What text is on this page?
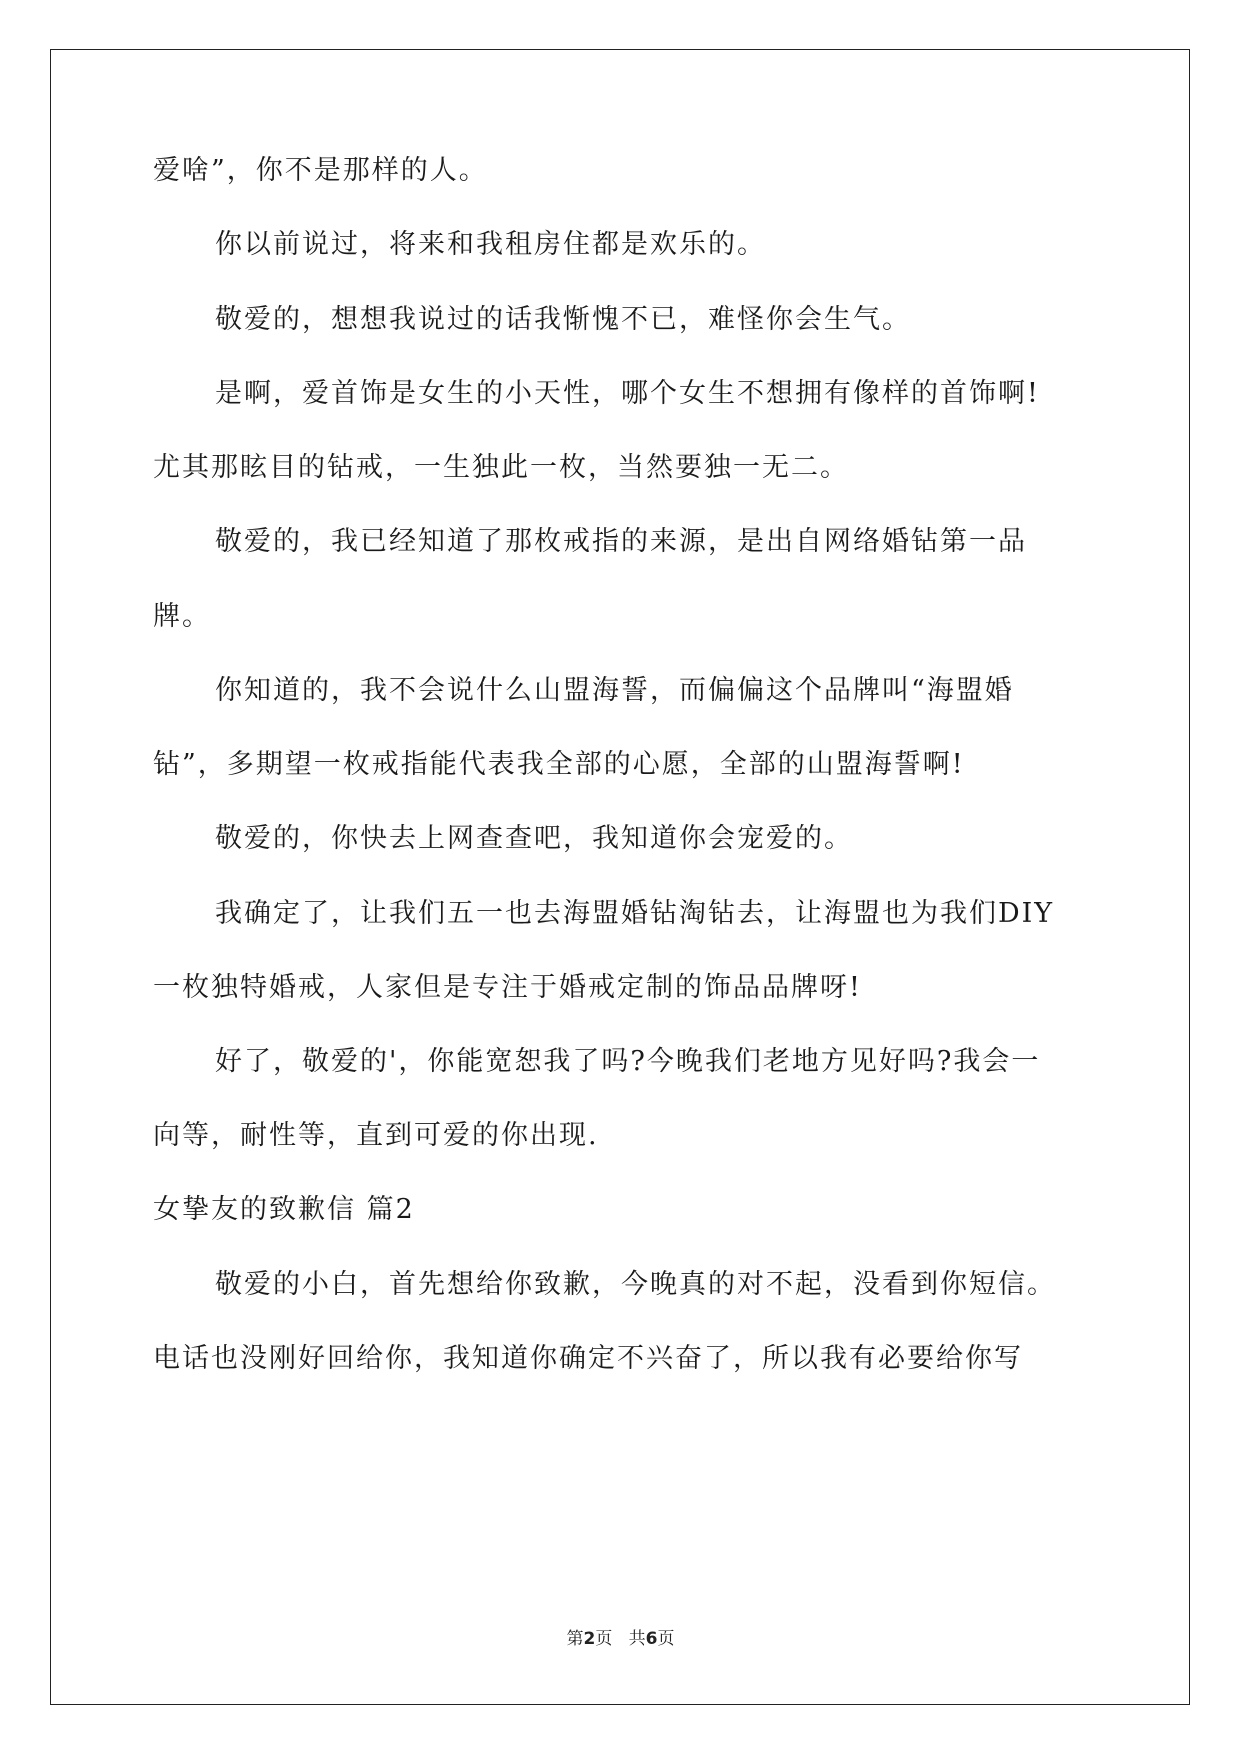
爱啥”，你不是那样的人。
你以前说过，将来和我租房住都是欢乐的。
敬爱的，想想我说过的话我惭愧不已，难怪你会生气。
是啊，爱首饰是女生的小天性，哪个女生不想拥有像样的首饰啊!
尤其那眩目的钻戒，一生独此一枚，当然要独一无二。
敬爱的，我已经知道了那枚戒指的来源，是出自网络婚钻第一品
牌。
你知道的，我不会说什么山盟海誓，而偏偏这个品牌叫“海盟婚
钻”，多期望一枚戒指能代表我全部的心愿，全部的山盟海誓啊!
敬爱的，你快去上网查查吧，我知道你会宠爱的。
我确定了，让我们五一也去海盟婚钻淘钻去，让海盟也为我们DIY
一枚独特婚戒，人家但是专注于婚戒定制的饰品品牌呀!
好了，敬爱的'，你能宽恕我了吗?今晚我们老地方见好吗?我会一
向等，耐性等，直到可爱的你出现.
女挚友的致歉信 篇2
敬爱的小白，首先想给你致歉，今晚真的对不起，没看到你短信。
电话也没刚好回给你，我知道你确定不兴奋了，所以我有必要给你写
第2页 共6页
